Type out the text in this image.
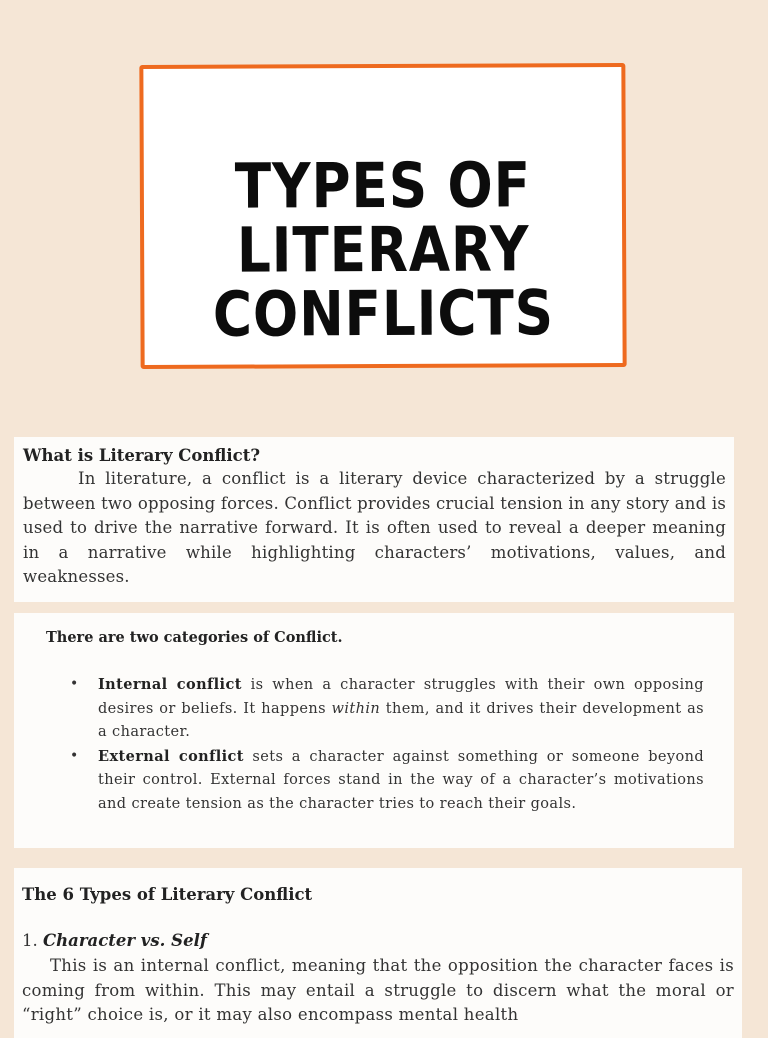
TYPES OF
LITERARY
CONFLICTS

What is Literary Conflict?

In literature, a conflict is a literary device characterized by a struggle between two opposing forces. Conflict provides crucial tension in any story and is used to drive the narrative forward. It is often used to reveal a deeper meaning in a narrative while highlighting characters’ motivations, values, and weaknesses.

There are two categories of Conflict.

• Internal conflict is when a character struggles with their own opposing desires or beliefs. It happens within them, and it drives their development as a character.
• External conflict sets a character against something or someone beyond their control. External forces stand in the way of a character’s motivations and create tension as the character tries to reach their goals.

The 6 Types of Literary Conflict

1. Character vs. Self

This is an internal conflict, meaning that the opposition the character faces is coming from within. This may entail a struggle to discern what the moral or “right” choice is, or it may also encompass mental health
